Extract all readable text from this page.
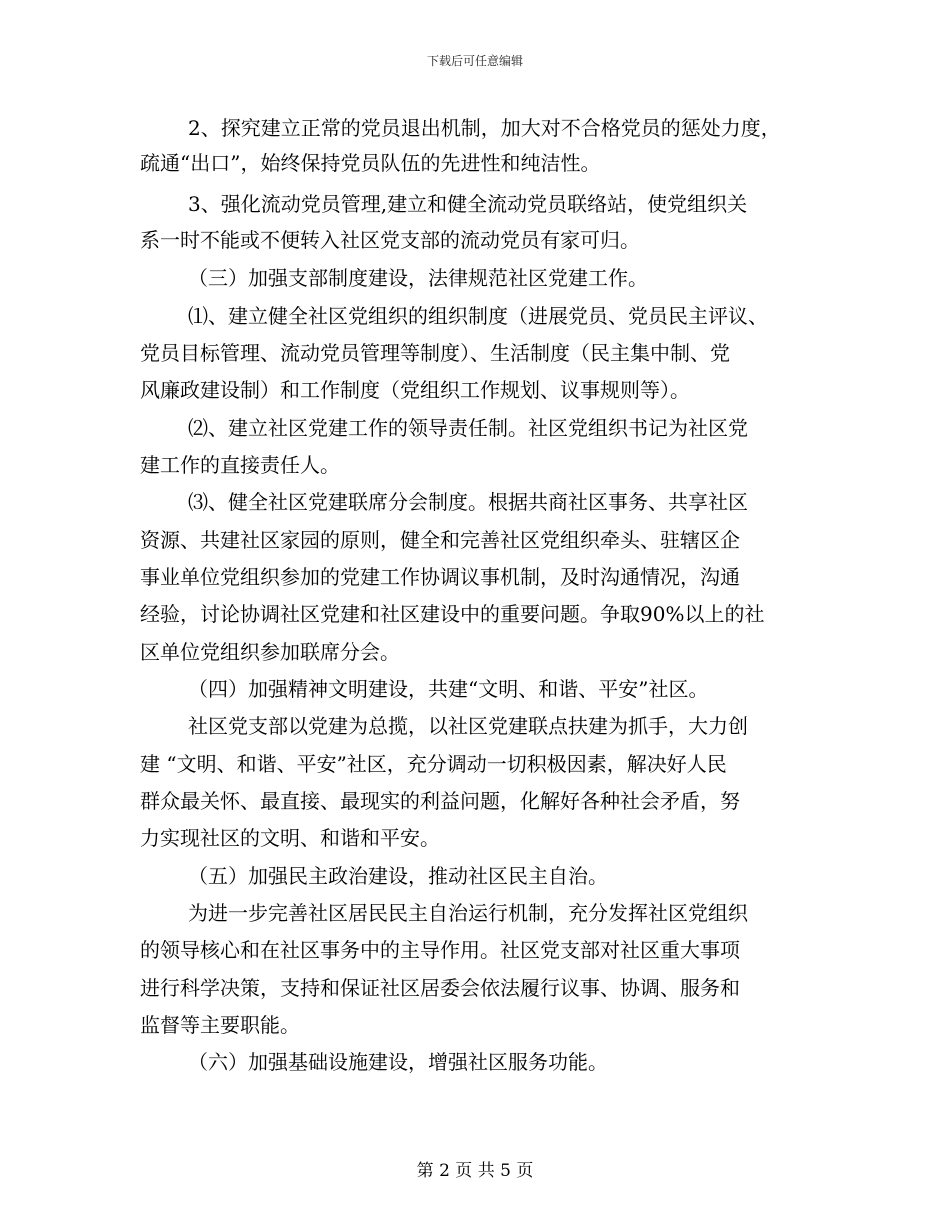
下载后可任意编辑
2、探究建立正常的党员退出机制，加大对不合格党员的惩处力度，
疏通“出口”，始终保持党员队伍的先进性和纯洁性。
3、强化流动党员管理,建立和健全流动党员联络站，使党组织关
系一时不能或不便转入社区党支部的流动党员有家可归。
（三）加强支部制度建设，法律规范社区党建工作。
⑴、建立健全社区党组织的组织制度（进展党员、党员民主评议、
党员目标管理、流动党员管理等制度）、生活制度（民主集中制、党
风廉政建设制）和工作制度（党组织工作规划、议事规则等）。
⑵、建立社区党建工作的领导责任制。社区党组织书记为社区党
建工作的直接责任人。
⑶、健全社区党建联席分会制度。根据共商社区事务、共享社区
资源、共建社区家园的原则，健全和完善社区党组织牵头、驻辖区企
事业单位党组织参加的党建工作协调议事机制，及时沟通情况，沟通
经验，讨论协调社区党建和社区建设中的重要问题。争取90%以上的社
区单位党组织参加联席分会。
（四）加强精神文明建设，共建“文明、和谐、平安”社区。
社区党支部以党建为总揽，以社区党建联点扶建为抓手，大力创
建 “文明、和谐、平安”社区，充分调动一切积极因素，解决好人民
群众最关怀、最直接、最现实的利益问题，化解好各种社会矛盾，努
力实现社区的文明、和谐和平安。
（五）加强民主政治建设，推动社区民主自治。
为进一步完善社区居民民主自治运行机制，充分发挥社区党组织
的领导核心和在社区事务中的主导作用。社区党支部对社区重大事项
进行科学决策，支持和保证社区居委会依法履行议事、协调、服务和
监督等主要职能。
（六）加强基础设施建设，增强社区服务功能。
第 2 页 共 5 页
